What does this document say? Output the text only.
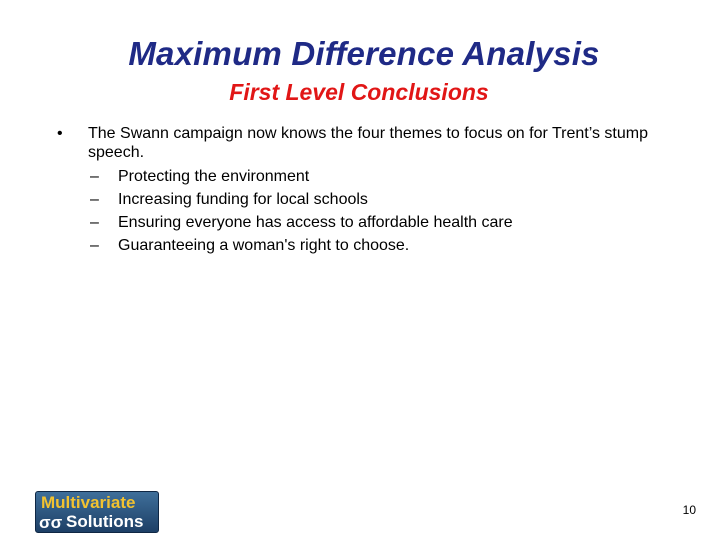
Maximum Difference Analysis
First Level Conclusions
• The Swann campaign now knows the four themes to focus on for Trent’s stump speech.
– Protecting the environment
– Increasing funding for local schools
– Ensuring everyone has access to affordable health care
– Guaranteeing a woman's right to choose.
Multivariate
σσ Solutions
10
